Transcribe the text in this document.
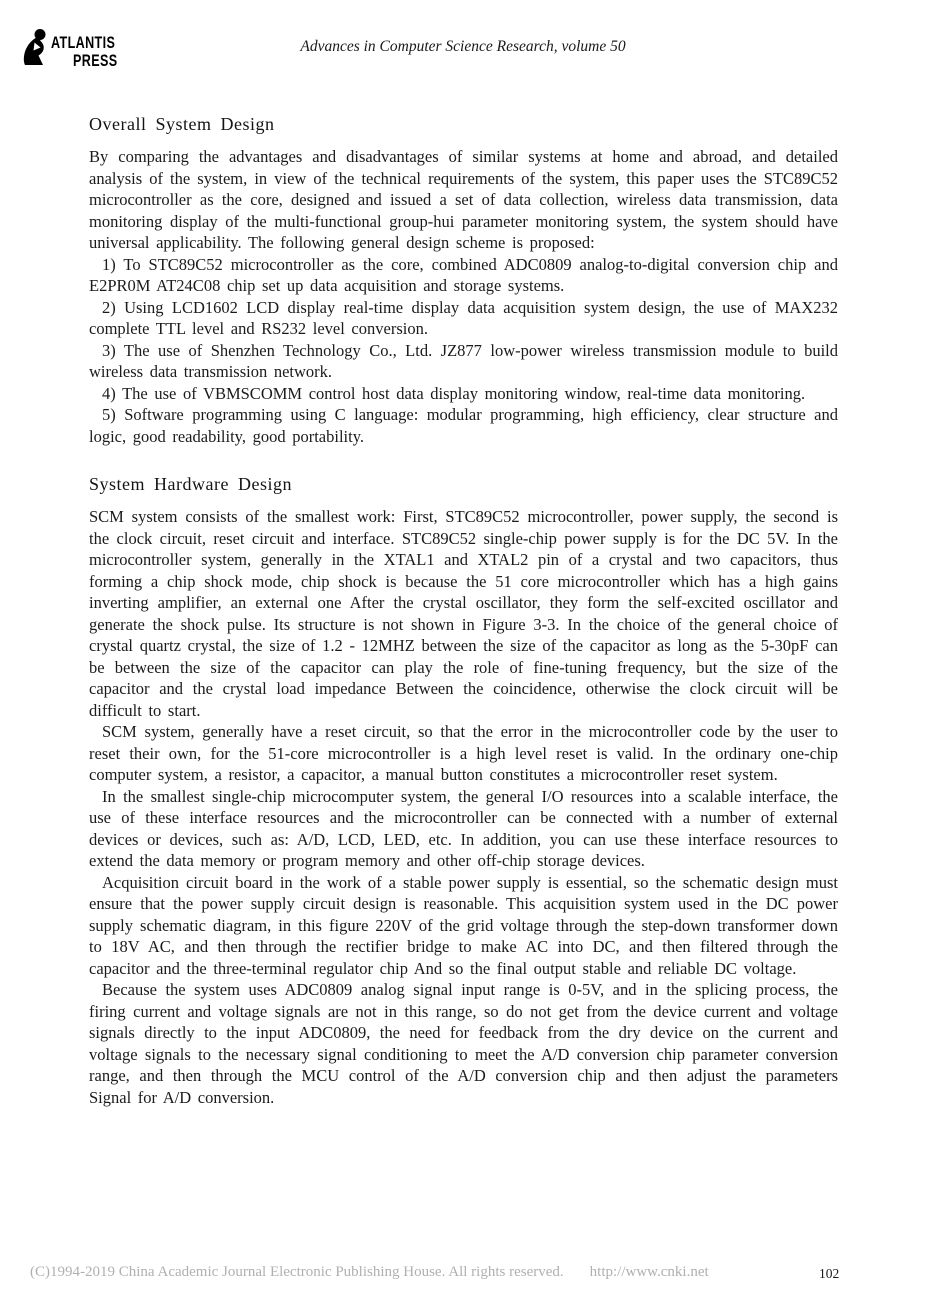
ATLANTIS
PRESS
Advances in Computer Science Research, volume 50
Overall System Design

By comparing the advantages and disadvantages of similar systems at home and abroad, and detailed analysis of the system, in view of the technical requirements of the system, this paper uses the STC89C52 microcontroller as the core, designed and issued a set of data collection, wireless data transmission, data monitoring display of the multi-functional group-hui parameter monitoring system, the system should have universal applicability. The following general design scheme is proposed:

1) To STC89C52 microcontroller as the core, combined ADC0809 analog-to-digital conversion chip and E2PR0M AT24C08 chip set up data acquisition and storage systems.

2) Using LCD1602 LCD display real-time display data acquisition system design, the use of MAX232 complete TTL level and RS232 level conversion.

3) The use of Shenzhen Technology Co., Ltd. JZ877 low-power wireless transmission module to build wireless data transmission network.

4) The use of VBMSCOMM control host data display monitoring window, real-time data monitoring.

5) Software programming using C language: modular programming, high efficiency, clear structure and logic, good readability, good portability.

System Hardware Design

SCM system consists of the smallest work: First, STC89C52 microcontroller, power supply, the second is the clock circuit, reset circuit and interface. STC89C52 single-chip power supply is for the DC 5V. In the microcontroller system, generally in the XTAL1 and XTAL2 pin of a crystal and two capacitors, thus forming a chip shock mode, chip shock is because the 51 core microcontroller which has a high gains inverting amplifier, an external one After the crystal oscillator, they form the self-excited oscillator and generate the shock pulse. Its structure is not shown in Figure 3-3. In the choice of the general choice of crystal quartz crystal, the size of 1.2 - 12MHZ between the size of the capacitor as long as the 5-30pF can be between the size of the capacitor can play the role of fine-tuning frequency, but the size of the capacitor and the crystal load impedance Between the coincidence, otherwise the clock circuit will be difficult to start.

SCM system, generally have a reset circuit, so that the error in the microcontroller code by the user to reset their own, for the 51-core microcontroller is a high level reset is valid. In the ordinary one-chip computer system, a resistor, a capacitor, a manual button constitutes a microcontroller reset system.

In the smallest single-chip microcomputer system, the general I/O resources into a scalable interface, the use of these interface resources and the microcontroller can be connected with a number of external devices or devices, such as: A/D, LCD, LED, etc. In addition, you can use these interface resources to extend the data memory or program memory and other off-chip storage devices.

Acquisition circuit board in the work of a stable power supply is essential, so the schematic design must ensure that the power supply circuit design is reasonable. This acquisition system used in the DC power supply schematic diagram, in this figure 220V of the grid voltage through the step-down transformer down to 18V AC, and then through the rectifier bridge to make AC into DC, and then filtered through the capacitor and the three-terminal regulator chip And so the final output stable and reliable DC voltage.

Because the system uses ADC0809 analog signal input range is 0-5V, and in the splicing process, the firing current and voltage signals are not in this range, so do not get from the device current and voltage signals directly to the input ADC0809, the need for feedback from the dry device on the current and voltage signals to the necessary signal conditioning to meet the A/D conversion chip parameter conversion range, and then through the MCU control of the A/D conversion chip and then adjust the parameters Signal for A/D conversion.

(C)1994-2019 China Academic Journal Electronic Publishing House. All rights reserved. http://www.cnki.net	102
